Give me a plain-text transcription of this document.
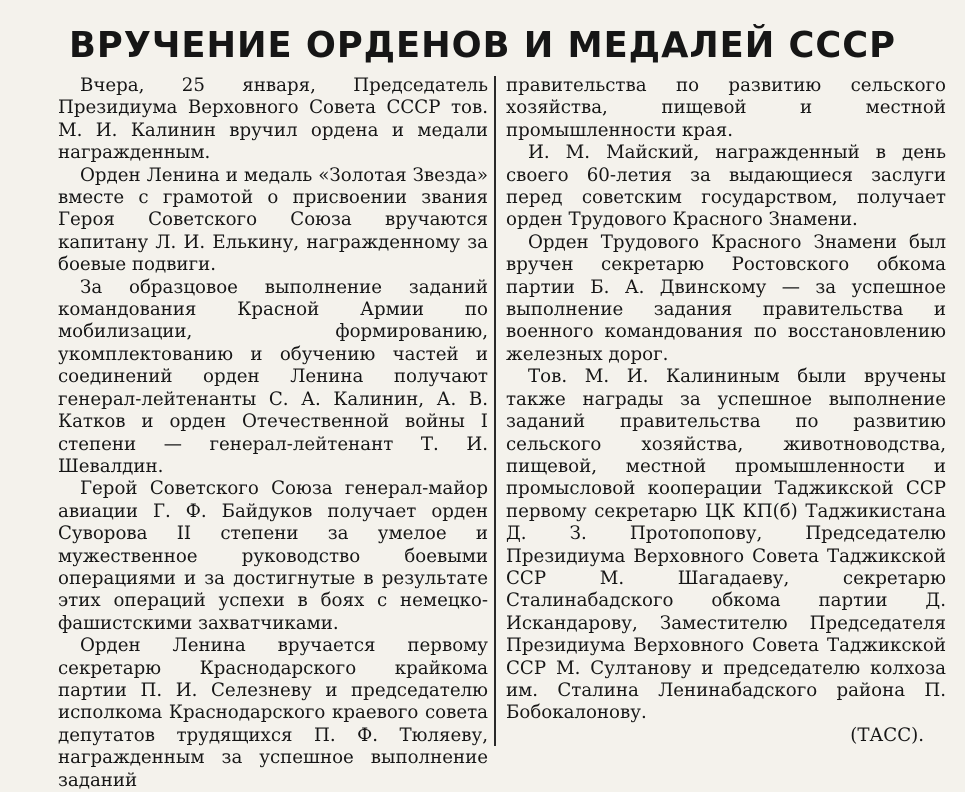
ВРУЧЕНИЕ ОРДЕНОВ И МЕДАЛЕЙ СССР

Вчера, 25 января, Председатель Президиума Верховного Совета СССР тов. М. И. Калинин вручил ордена и медали награжденным.

Орден Ленина и медаль «Золотая Звезда» вместе с грамотой о присвоении звания Героя Советского Союза вручаются капитану Л. И. Елькину, награжденному за боевые подвиги.

За образцовое выполнение заданий командования Красной Армии по мобилизации, формированию, укомплектованию и обучению частей и соединений орден Ленина получают генерал-лейтенанты С. А. Калинин, А. В. Катков и орден Отечественной войны I степени — генерал-лейтенант Т. И. Шевалдин.

Герой Советского Союза генерал-майор авиации Г. Ф. Байдуков получает орден Суворова II степени за умелое и мужественное руководство боевыми операциями и за достигнутые в результате этих операций успехи в боях с немецко-фашистскими захватчиками.

Орден Ленина вручается первому секретарю Краснодарского крайкома партии П. И. Селезневу и председателю исполкома Краснодарского краевого совета депутатов трудящихся П. Ф. Тюляеву, награжденным за успешное выполнение заданий

правительства по развитию сельского хозяйства, пищевой и местной промышленности края.

И. М. Майский, награжденный в день своего 60-летия за выдающиеся заслуги перед советским государством, получает орден Трудового Красного Знамени.

Орден Трудового Красного Знамени был вручен секретарю Ростовского обкома партии Б. А. Двинскому — за успешное выполнение задания правительства и военного командования по восстановлению железных дорог.

Тов. М. И. Калининым были вручены также награды за успешное выполнение заданий правительства по развитию сельского хозяйства, животноводства, пищевой, местной промышленности и промысловой кооперации Таджикской ССР первому секретарю ЦК КП(б) Таджикистана Д. З. Протопопову, Председателю Президиума Верховного Совета Таджикской ССР М. Шагадаеву, секретарю Сталинабадского обкома партии Д. Искандарову, Заместителю Председателя Президиума Верховного Совета Таджикской ССР М. Султанову и председателю колхоза им. Сталина Ленинабадского района П. Бобокалонову.

(ТАСС).
